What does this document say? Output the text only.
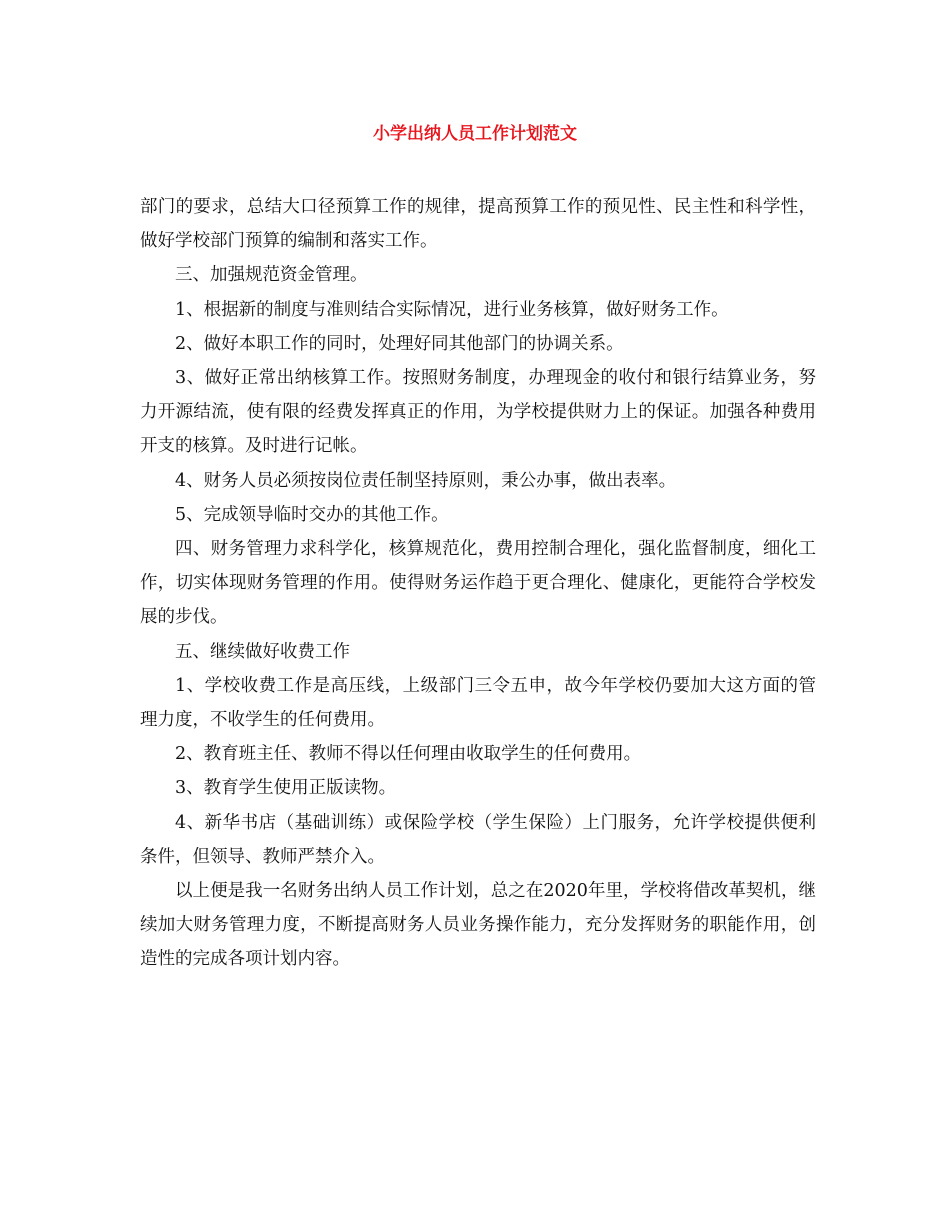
小学出纳人员工作计划范文

部门的要求，总结大口径预算工作的规律，提高预算工作的预见性、民主性和科学性，做好学校部门预算的编制和落实工作。

三、加强规范资金管理。

1、根据新的制度与准则结合实际情况，进行业务核算，做好财务工作。

2、做好本职工作的同时，处理好同其他部门的协调关系。

3、做好正常出纳核算工作。按照财务制度，办理现金的收付和银行结算业务，努力开源结流，使有限的经费发挥真正的作用，为学校提供财力上的保证。加强各种费用开支的核算。及时进行记帐。

4、财务人员必须按岗位责任制坚持原则，秉公办事，做出表率。

5、完成领导临时交办的其他工作。

四、财务管理力求科学化，核算规范化，费用控制合理化，强化监督制度，细化工作，切实体现财务管理的作用。使得财务运作趋于更合理化、健康化，更能符合学校发展的步伐。

五、继续做好收费工作

1、学校收费工作是高压线，上级部门三令五申，故今年学校仍要加大这方面的管理力度，不收学生的任何费用。

2、教育班主任、教师不得以任何理由收取学生的任何费用。

3、教育学生使用正版读物。

4、新华书店（基础训练）或保险学校（学生保险）上门服务，允许学校提供便利条件，但领导、教师严禁介入。

以上便是我一名财务出纳人员工作计划，总之在2020年里，学校将借改革契机，继续加大财务管理力度，不断提高财务人员业务操作能力，充分发挥财务的职能作用，创造性的完成各项计划内容。
